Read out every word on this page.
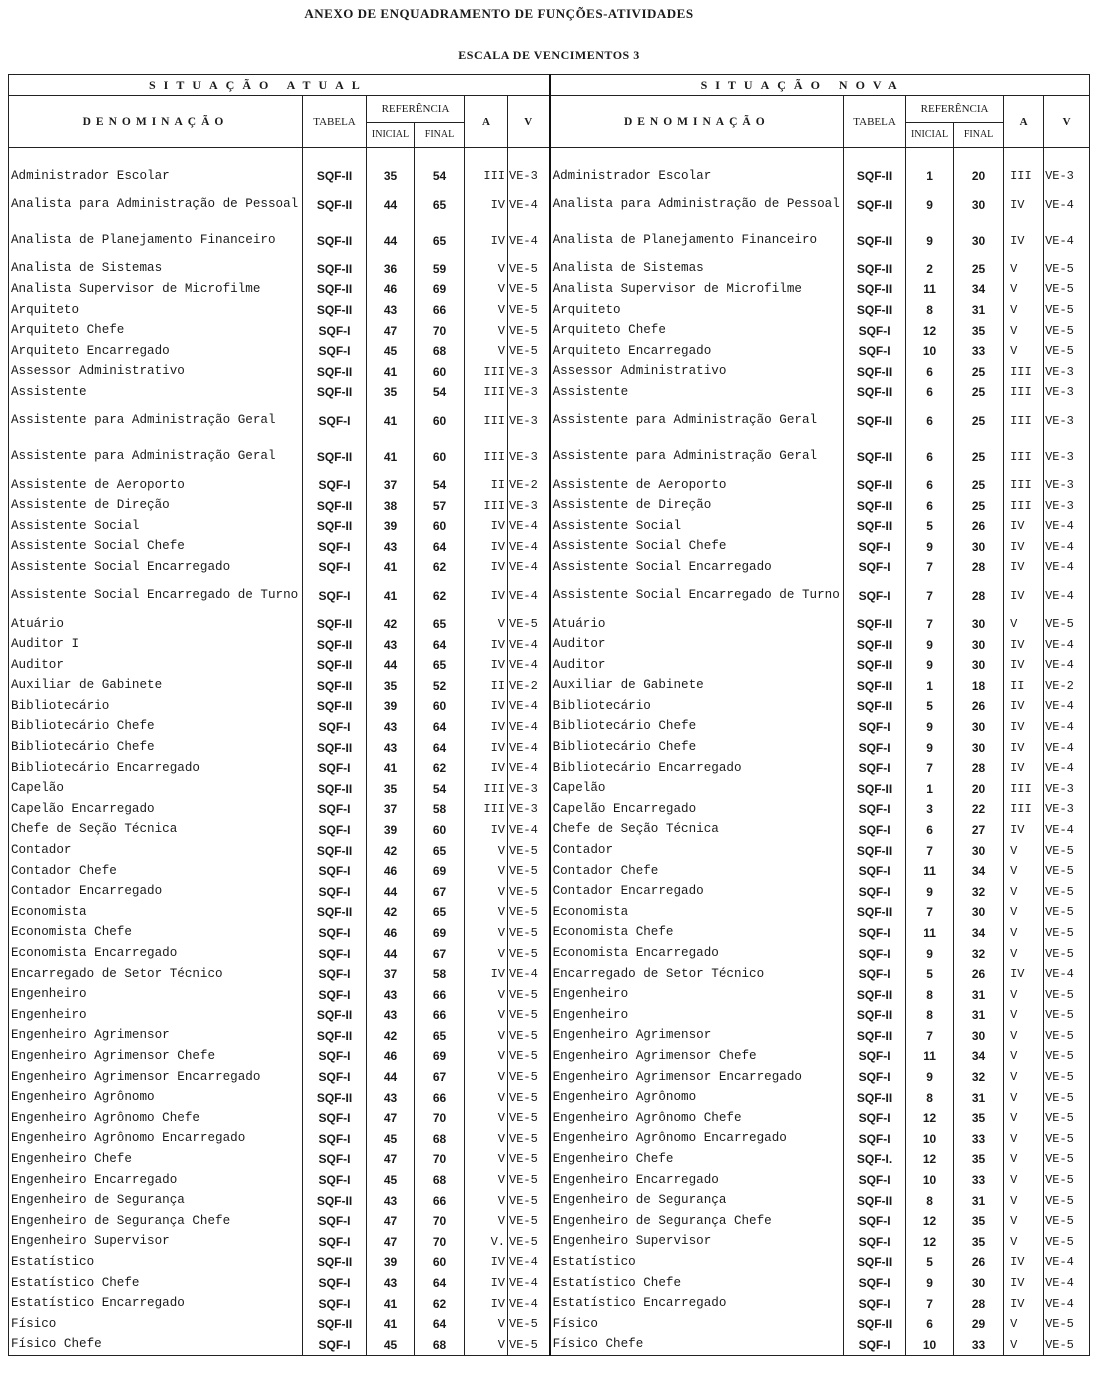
ANEXO DE ENQUADRAMENTO DE FUNÇÕES-ATIVIDADES
ESCALA DE VENCIMENTOS 3
SITUAÇÃO ATUAL						SITUAÇÃO NOVA					
DENOMINAÇÃO	TABELA	REFERÊNCIA		A	V	DENOMINAÇÃO	TABELA	REFERÊNCIA		A	V
		INICIAL	FINAL					INICIAL	FINAL		
Administrador Escolar	SQF-II	35	54	III	VE-3	Administrador Escolar	SQF-II	1	20	III	VE-3
Analista para Administração de Pessoal	SQF-II	44	65	IV	VE-4	Analista para Administração de Pessoal	SQF-II	9	30	IV	VE-4
Analista de Planejamento Financeiro	SQF-II	44	65	IV	VE-4	Analista de Planejamento Financeiro	SQF-II	9	30	IV	VE-4
Analista de Sistemas	SQF-II	36	59	V	VE-5	Analista de Sistemas	SQF-II	2	25	V	VE-5
Analista Supervisor de Microfilme	SQF-II	46	69	V	VE-5	Analista Supervisor de Microfilme	SQF-II	11	34	V	VE-5
Arquiteto	SQF-II	43	66	V	VE-5	Arquiteto	SQF-II	8	31	V	VE-5
Arquiteto Chefe	SQF-I	47	70	V	VE-5	Arquiteto Chefe	SQF-I	12	35	V	VE-5
Arquiteto Encarregado	SQF-I	45	68	V	VE-5	Arquiteto Encarregado	SQF-I	10	33	V	VE-5
Assessor Administrativo	SQF-II	41	60	III	VE-3	Assessor Administrativo	SQF-II	6	25	III	VE-3
Assistente	SQF-II	35	54	III	VE-3	Assistente	SQF-II	6	25	III	VE-3
Assistente para Administração Geral	SQF-I	41	60	III	VE-3	Assistente para Administração Geral	SQF-II	6	25	III	VE-3
Assistente para Administração Geral	SQF-II	41	60	III	VE-3	Assistente para Administração Geral	SQF-II	6	25	III	VE-3
Assistente de Aeroporto	SQF-I	37	54	II	VE-2	Assistente de Aeroporto	SQF-II	6	25	III	VE-3
Assistente de Direção	SQF-II	38	57	III	VE-3	Assistente de Direção	SQF-II	6	25	III	VE-3
Assistente Social	SQF-II	39	60	IV	VE-4	Assistente Social	SQF-II	5	26	IV	VE-4
Assistente Social Chefe	SQF-I	43	64	IV	VE-4	Assistente Social Chefe	SQF-I	9	30	IV	VE-4
Assistente Social Encarregado	SQF-I	41	62	IV	VE-4	Assistente Social Encarregado	SQF-I	7	28	IV	VE-4
Assistente Social Encarregado de Turno	SQF-I	41	62	IV	VE-4	Assistente Social Encarregado de Turno	SQF-I	7	28	IV	VE-4
Atuário	SQF-II	42	65	V	VE-5	Atuário	SQF-II	7	30	V	VE-5
Auditor I	SQF-II	43	64	IV	VE-4	Auditor	SQF-II	9	30	IV	VE-4
Auditor	SQF-II	44	65	IV	VE-4	Auditor	SQF-II	9	30	IV	VE-4
Auxiliar de Gabinete	SQF-II	35	52	II	VE-2	Auxiliar de Gabinete	SQF-II	1	18	II	VE-2
Bibliotecário	SQF-II	39	60	IV	VE-4	Bibliotecário	SQF-II	5	26	IV	VE-4
Bibliotecário Chefe	SQF-I	43	64	IV	VE-4	Bibliotecário Chefe	SQF-I	9	30	IV	VE-4
Bibliotecário Chefe	SQF-II	43	64	IV	VE-4	Bibliotecário Chefe	SQF-I	9	30	IV	VE-4
Bibliotecário Encarregado	SQF-I	41	62	IV	VE-4	Bibliotecário Encarregado	SQF-I	7	28	IV	VE-4
Capelão	SQF-II	35	54	III	VE-3	Capelão	SQF-II	1	20	III	VE-3
Capelão Encarregado	SQF-I	37	58	III	VE-3	Capelão Encarregado	SQF-I	3	22	III	VE-3
Chefe de Seção Técnica	SQF-I	39	60	IV	VE-4	Chefe de Seção Técnica	SQF-I	6	27	IV	VE-4
Contador	SQF-II	42	65	V	VE-5	Contador	SQF-II	7	30	V	VE-5
Contador Chefe	SQF-I	46	69	V	VE-5	Contador Chefe	SQF-I	11	34	V	VE-5
Contador Encarregado	SQF-I	44	67	V	VE-5	Contador Encarregado	SQF-I	9	32	V	VE-5
Economista	SQF-II	42	65	V	VE-5	Economista	SQF-II	7	30	V	VE-5
Economista Chefe	SQF-I	46	69	V	VE-5	Economista Chefe	SQF-I	11	34	V	VE-5
Economista Encarregado	SQF-I	44	67	V	VE-5	Economista Encarregado	SQF-I	9	32	V	VE-5
Encarregado de Setor Técnico	SQF-I	37	58	IV	VE-4	Encarregado de Setor Técnico	SQF-I	5	26	IV	VE-4
Engenheiro	SQF-I	43	66	V	VE-5	Engenheiro	SQF-II	8	31	V	VE-5
Engenheiro	SQF-II	43	66	V	VE-5	Engenheiro	SQF-II	8	31	V	VE-5
Engenheiro Agrimensor	SQF-II	42	65	V	VE-5	Engenheiro Agrimensor	SQF-II	7	30	V	VE-5
Engenheiro Agrimensor Chefe	SQF-I	46	69	V	VE-5	Engenheiro Agrimensor Chefe	SQF-I	11	34	V	VE-5
Engenheiro Agrimensor Encarregado	SQF-I	44	67	V	VE-5	Engenheiro Agrimensor Encarregado	SQF-I	9	32	V	VE-5
Engenheiro Agrônomo	SQF-II	43	66	V	VE-5	Engenheiro Agrônomo	SQF-II	8	31	V	VE-5
Engenheiro Agrônomo Chefe	SQF-I	47	70	V	VE-5	Engenheiro Agrônomo Chefe	SQF-I	12	35	V	VE-5
Engenheiro Agrônomo Encarregado	SQF-I	45	68	V	VE-5	Engenheiro Agrônomo Encarregado	SQF-I	10	33	V	VE-5
Engenheiro Chefe	SQF-I	47	70	V	VE-5	Engenheiro Chefe	SQF-I.	12	35	V	VE-5
Engenheiro Encarregado	SQF-I	45	68	V	VE-5	Engenheiro Encarregado	SQF-I	10	33	V	VE-5
Engenheiro de Segurança	SQF-II	43	66	V	VE-5	Engenheiro de Segurança	SQF-II	8	31	V	VE-5
Engenheiro de Segurança Chefe	SQF-I	47	70	V	VE-5	Engenheiro de Segurança Chefe	SQF-I	12	35	V	VE-5
Engenheiro Supervisor	SQF-I	47	70	V.	VE-5	Engenheiro Supervisor	SQF-I	12	35	V	VE-5
Estatístico	SQF-II	39	60	IV	VE-4	Estatístico	SQF-II	5	26	IV	VE-4
Estatístico Chefe	SQF-I	43	64	IV	VE-4	Estatístico Chefe	SQF-I	9	30	IV	VE-4
Estatístico Encarregado	SQF-I	41	62	IV	VE-4	Estatístico Encarregado	SQF-I	7	28	IV	VE-4
Físico	SQF-II	41	64	V	VE-5	Físico	SQF-II	6	29	V	VE-5
Físico Chefe	SQF-I	45	68	V	VE-5	Físico Chefe	SQF-I	10	33	V	VE-5
